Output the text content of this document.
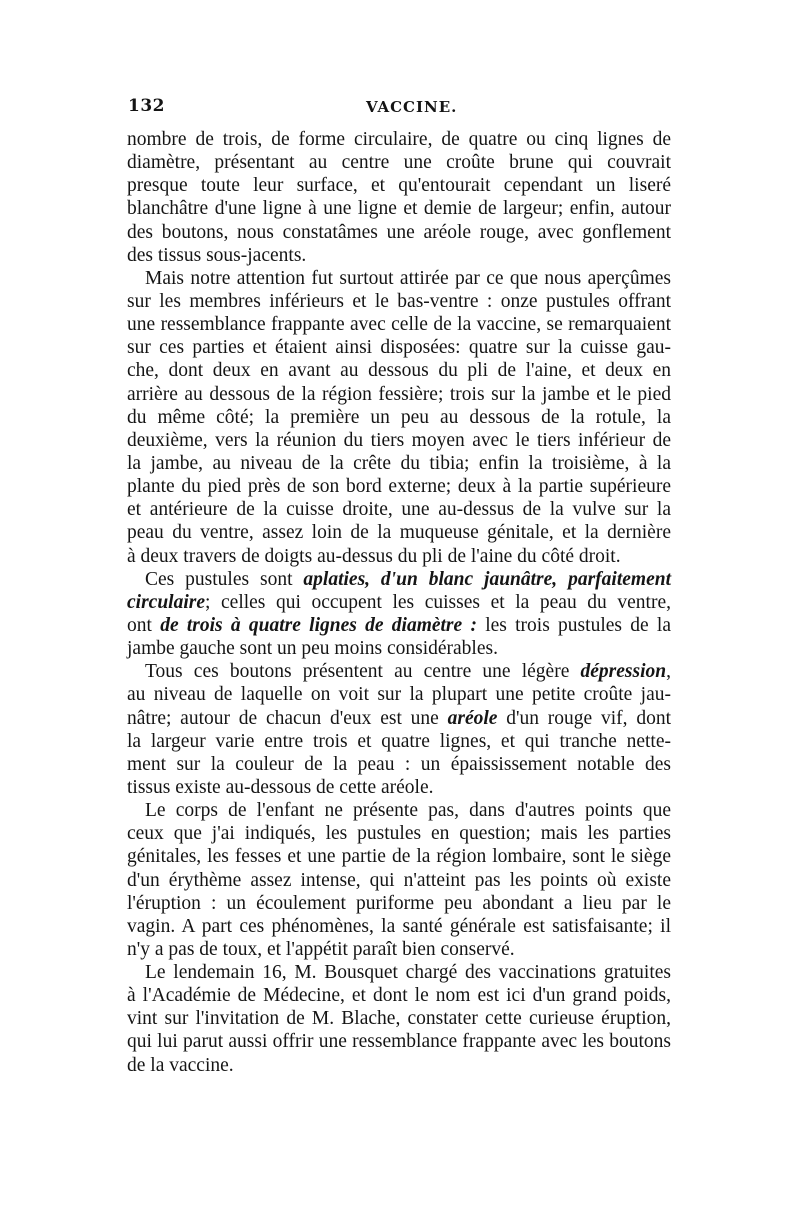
132	VACCINE.
nombre de trois, de forme circulaire, de quatre ou cinq lignes de
diamètre, présentant au centre une croûte brune qui couvrait
presque toute leur surface, et qu'entourait cependant un liseré
blanchâtre d'une ligne à une ligne et demie de largeur; enfin, autour
des boutons, nous constatâmes une aréole rouge, avec gonflement
des tissus sous-jacents.
Mais notre attention fut surtout attirée par ce que nous aperçûmes
sur les membres inférieurs et le bas-ventre : onze pustules offrant
une ressemblance frappante avec celle de la vaccine, se remarquaient
sur ces parties et étaient ainsi disposées: quatre sur la cuisse gau-
che, dont deux en avant au dessous du pli de l'aine, et deux en
arrière au dessous de la région fessière; trois sur la jambe et le pied
du même côté; la première un peu au dessous de la rotule, la
deuxième, vers la réunion du tiers moyen avec le tiers inférieur de
la jambe, au niveau de la crête du tibia; enfin la troisième, à la
plante du pied près de son bord externe; deux à la partie supérieure
et antérieure de la cuisse droite, une au-dessus de la vulve sur la
peau du ventre, assez loin de la muqueuse génitale, et la dernière
à deux travers de doigts au-dessus du pli de l'aine du côté droit.
Ces pustules sont aplaties, d'un blanc jaunâtre, parfaitement
circulaire; celles qui occupent les cuisses et la peau du ventre,
ont de trois à quatre lignes de diamètre : les trois pustules de la
jambe gauche sont un peu moins considérables.
Tous ces boutons présentent au centre une légère dépression,
au niveau de laquelle on voit sur la plupart une petite croûte jau-
nâtre; autour de chacun d'eux est une aréole d'un rouge vif, dont
la largeur varie entre trois et quatre lignes, et qui tranche nette-
ment sur la couleur de la peau : un épaississement notable des
tissus existe au-dessous de cette aréole.
Le corps de l'enfant ne présente pas, dans d'autres points que
ceux que j'ai indiqués, les pustules en question; mais les parties
génitales, les fesses et une partie de la région lombaire, sont le siège
d'un érythème assez intense, qui n'atteint pas les points où existe
l'éruption : un écoulement puriforme peu abondant a lieu par le
vagin. A part ces phénomènes, la santé générale est satisfaisante; il
n'y a pas de toux, et l'appétit paraît bien conservé.
Le lendemain 16, M. Bousquet chargé des vaccinations gratuites
à l'Académie de Médecine, et dont le nom est ici d'un grand poids,
vint sur l'invitation de M. Blache, constater cette curieuse éruption,
qui lui parut aussi offrir une ressemblance frappante avec les boutons
de la vaccine.
